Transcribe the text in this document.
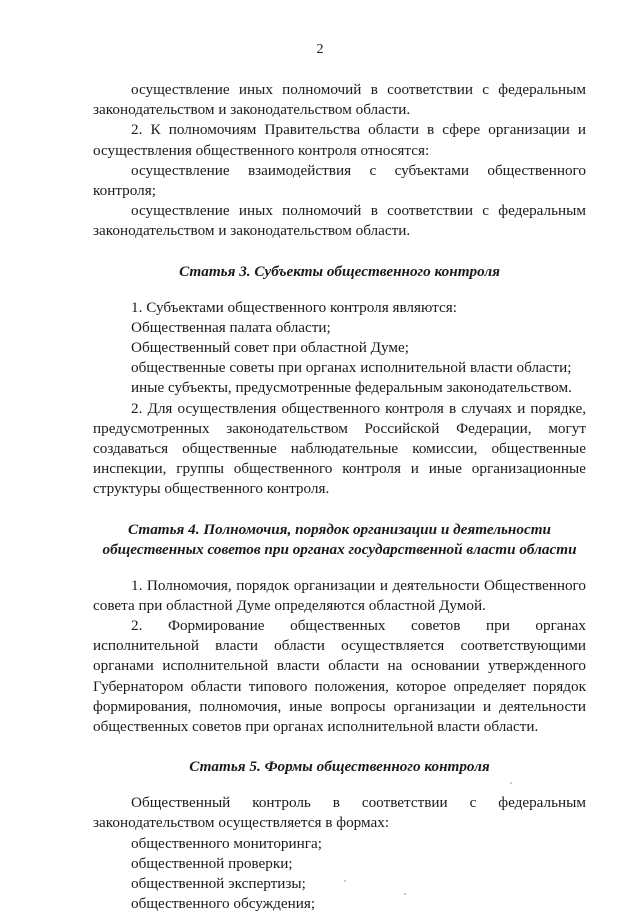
2

осуществление иных полномочий в соответствии с федеральным законодательством и законодательством области.

2. К полномочиям Правительства области в сфере организации и осуществления общественного контроля относятся:

осуществление взаимодействия с субъектами общественного контроля;

осуществление иных полномочий в соответствии с федеральным законодательством и законодательством области.

Статья 3. Субъекты общественного контроля

1. Субъектами общественного контроля являются:

Общественная палата области;

Общественный совет при областной Думе;

общественные советы при органах исполнительной власти области;

иные субъекты, предусмотренные федеральным законодательством.

2. Для осуществления общественного контроля в случаях и порядке, предусмотренных законодательством Российской Федерации, могут создаваться общественные наблюдательные комиссии, общественные инспекции, группы общественного контроля и иные организационные структуры общественного контроля.

Статья 4. Полномочия, порядок организации и деятельности
общественных советов при органах государственной власти области

1. Полномочия, порядок организации и деятельности Общественного совета при областной Думе определяются областной Думой.

2. Формирование общественных советов при органах исполнительной власти области осуществляется соответствующими органами исполнительной власти области на основании утвержденного Губернатором области типового положения, которое определяет порядок формирования, полномочия, иные вопросы организации и деятельности общественных советов при органах исполнительной власти области.

Статья 5. Формы общественного контроля

Общественный контроль в соответствии с федеральным законодательством осуществляется в формах:

общественного мониторинга;

общественной проверки;

общественной экспертизы;

общественного обсуждения;
